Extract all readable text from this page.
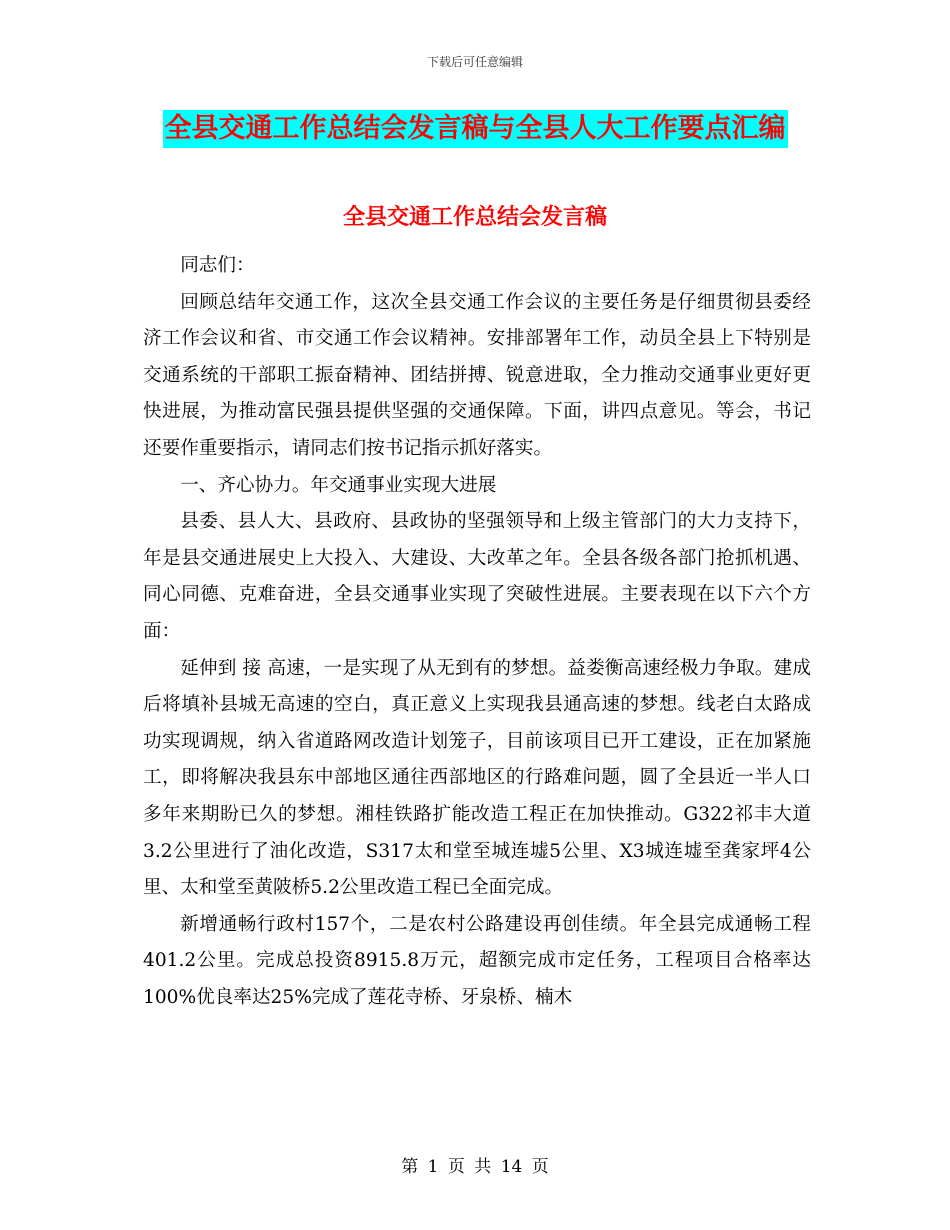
下载后可任意编辑
全县交通工作总结会发言稿与全县人大工作要点汇编
全县交通工作总结会发言稿

同志们：

回顾总结年交通工作，这次全县交通工作会议的主要任务是仔细贯彻县委经济工作会议和省、市交通工作会议精神。安排部署年工作，动员全县上下特别是交通系统的干部职工振奋精神、团结拼搏、锐意进取，全力推动交通事业更好更快进展，为推动富民强县提供坚强的交通保障。下面，讲四点意见。等会，书记还要作重要指示，请同志们按书记指示抓好落实。

一、齐心协力。年交通事业实现大进展

县委、县人大、县政府、县政协的坚强领导和上级主管部门的大力支持下，年是县交通进展史上大投入、大建设、大改革之年。全县各级各部门抢抓机遇、同心同德、克难奋进，全县交通事业实现了突破性进展。主要表现在以下六个方面：

延伸到 接 高速，一是实现了从无到有的梦想。益娄衡高速经极力争取。建成后将填补县城无高速的空白，真正意义上实现我县通高速的梦想。线老白太路成功实现调规，纳入省道路网改造计划笼子，目前该项目已开工建设，正在加紧施工，即将解决我县东中部地区通往西部地区的行路难问题，圆了全县近一半人口多年来期盼已久的梦想。湘桂铁路扩能改造工程正在加快推动。G322祁丰大道3.2公里进行了油化改造，S317太和堂至城连墟5公里、X3城连墟至龚家坪4公里、太和堂至黄陂桥5.2公里改造工程已全面完成。

新增通畅行政村157个，二是农村公路建设再创佳绩。年全县完成通畅工程401.2公里。完成总投资8915.8万元，超额完成市定任务，工程项目合格率达100%优良率达25%完成了莲花寺桥、牙泉桥、楠木

第 1 页 共 14 页
